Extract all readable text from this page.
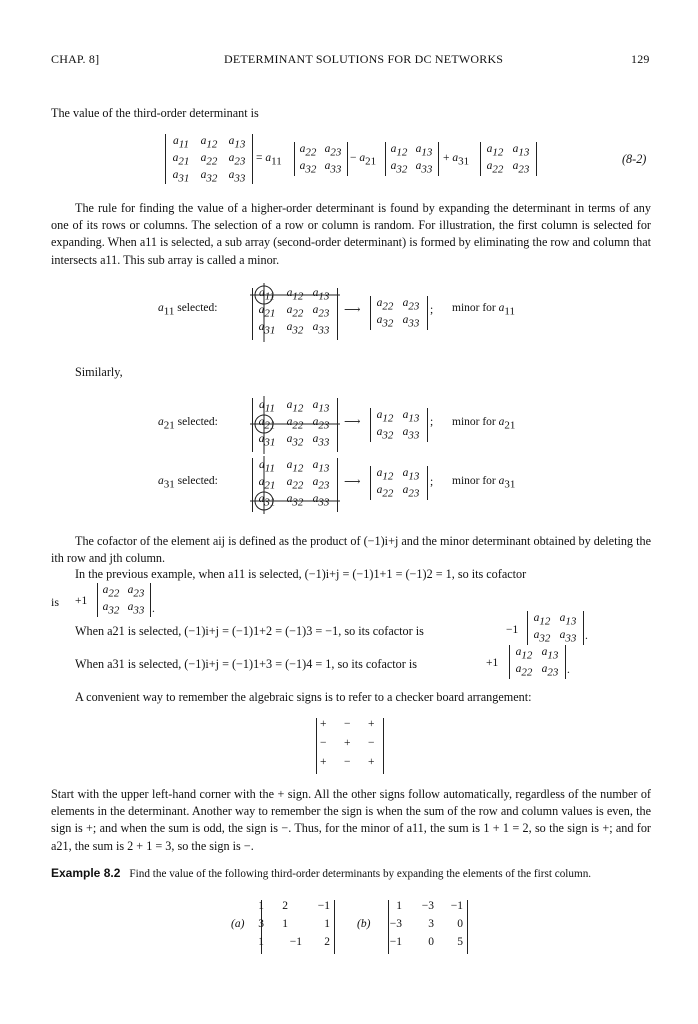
CHAP. 8]	DETERMINANT SOLUTIONS FOR DC NETWORKS	129
The value of the third-order determinant is
$a_{11}$	$a_{12}$ $a_{13}$
$a_{21}$ $a_{22}$ $a_{23}$
$a_{31}$ $a_{32}$ $a_{33}$
= $a_{11}$
$a_{22}$ $a_{23}$
$a_{32}$ $a_{33}$
− $a_{21}$
$a_{12}$ $a_{13}$
$a_{32}$ $a_{33}$
+ $a_{31}$
$a_{12}$ $a_{13}$
$a_{22}$ $a_{23}$
(8-2)
The rule for finding the value of a higher-order determinant is found by expanding the determinant in terms of any one of its rows or columns. The selection of a row or column is random. For illustration, the first column is selected for expanding. When a11 is selected, a sub array (second-order determinant) is formed by eliminating the row and column that intersects a11. This sub array is called a minor.
$a_{11}$ selected:
$a_{11}$	$a_{12}$ $a_{13}$
$a_{21}$ $a_{22}$ $a_{23}$
$a_{31}$ $a_{32}$ $a_{33}$
⟶
$a_{22}$ $a_{23}$
$a_{32}$ $a_{33}$
; minor for $a_{11}$
Similarly,
$a_{21}$ selected:
$a_{11}$	$a_{12}$ $a_{13}$
$a_{21}$ $a_{22}$ $a_{23}$
$a_{31}$ $a_{32}$ $a_{33}$
⟶
$a_{12}$ $a_{13}$
$a_{32}$ $a_{33}$
; minor for $a_{21}$
$a_{31}$ selected:
$a_{11}$	$a_{12}$ $a_{13}$
$a_{21}$ $a_{22}$ $a_{23}$
$a_{31}$ $a_{32}$ $a_{33}$
⟶
$a_{12}$ $a_{13}$
$a_{22}$ $a_{23}$
; minor for $a_{31}$
The cofactor of the element aij is defined as the product of (−1)i+j and the minor determinant obtained by deleting the ith row and jth column.
In the previous example, when a11 is selected, (−1)i+j = (−1)1+1 = (−1)2 = 1, so its cofactor
is +1
$a_{22}$ $a_{23}$
$a_{32}$ $a_{33}$ .
When a21 is selected, (−1)i+j = (−1)1+2 = (−1)3 = −1, so its cofactor is	−1
$a_{12}$ $a_{13}$
$a_{32}$ $a_{33}$ .
When a31 is selected, (−1)i+j = (−1)1+3 = (−1)4 = 1, so its cofactor is	+1
$a_{12}$ $a_{13}$
$a_{22}$ $a_{23}$ .
A convenient way to remember the algebraic signs is to refer to a checker board arrangement:
+ − +
− + −
+ − +
Start with the upper left-hand corner with the + sign. All the other signs follow automatically, regardless of the number of elements in the determinant. Another way to remember the sign is when the sum of the row and column values is even, the sign is +; and when the sum is odd, the sign is −. Thus, for the minor of a11, the sum is 1 + 1 = 2, so the sign is +; and for a21, the sum is 2 + 1 = 3, so the sign is −.
Example 8.2 Find the value of the following third-order determinants by expanding the elements of the first column.
(a)
1	2	−1
3	1	1
1	−1	2
(b)
1	−3	−1
−3	3	0
−1	0	5
